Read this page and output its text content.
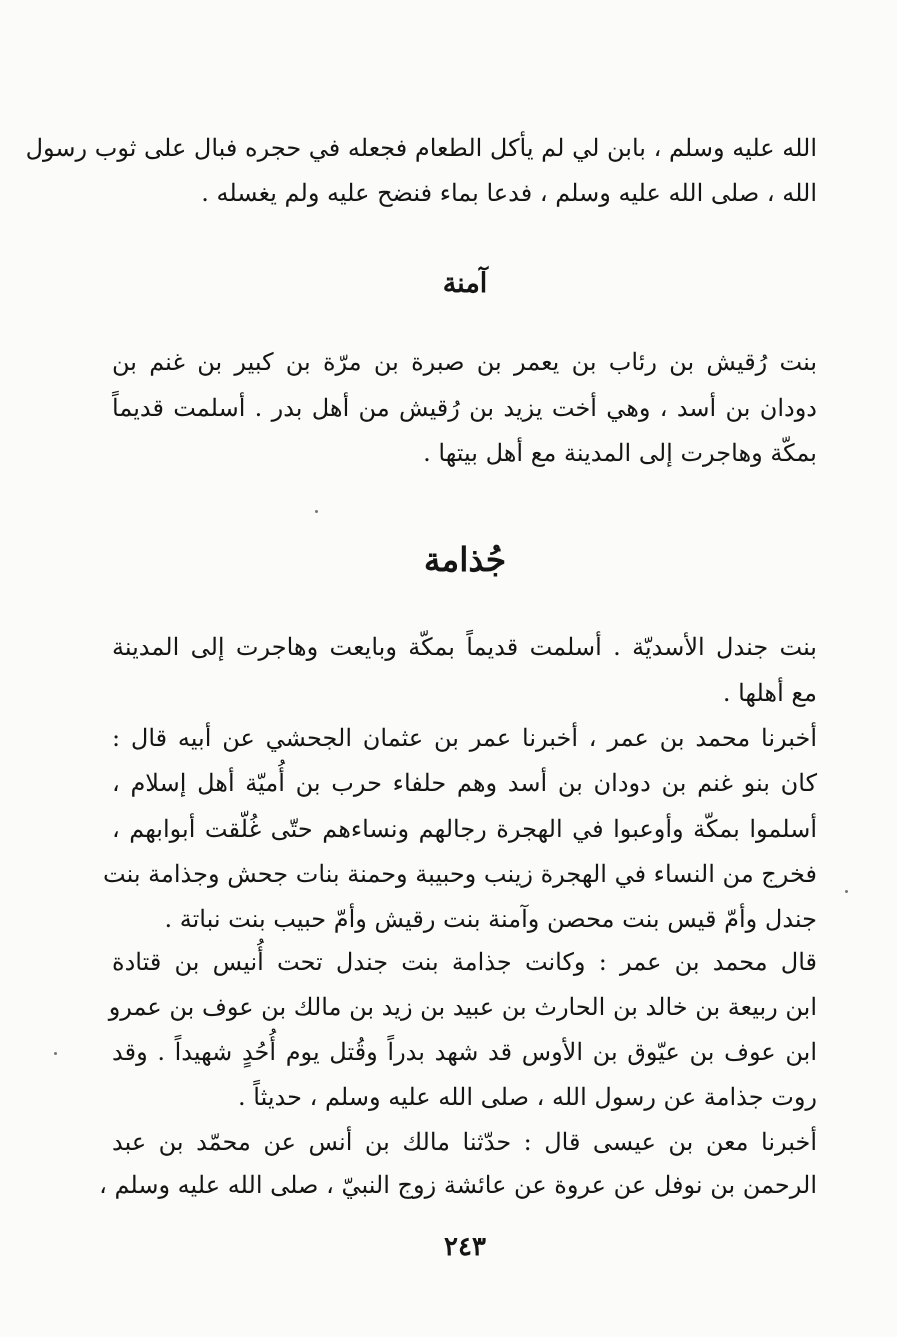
الله عليه وسلم ، بابن لي لم يأكل الطعام فجعله في حجره فبال على ثوب رسول
الله ، صلى الله عليه وسلم ، فدعا بماء فنضح عليه ولم يغسله .
آمنة
بنت رُقيش بن رئاب بن يعمر بن صبرة بن مرّة بن كبير بن غنم بن
دودان بن أسد ، وهي أخت يزيد بن رُقيش من أهل بدر . أسلمت قديماً
بمكّة وهاجرت إلى المدينة مع أهل بيتها .
جُذامة
بنت جندل الأسديّة . أسلمت قديماً بمكّة وبايعت وهاجرت إلى المدينة
مع أهلها .
أخبرنا محمد بن عمر ، أخبرنا عمر بن عثمان الجحشي عن أبيه قال :
كان بنو غنم بن دودان بن أسد وهم حلفاء حرب بن أُميّة أهل إسلام ،
أسلموا بمكّة وأوعبوا في الهجرة رجالهم ونساءهم حتّى غُلّقت أبوابهم ،
فخرج من النساء في الهجرة زينب وحبيبة وحمنة بنات جحش وجذامة بنت
جندل وأمّ قيس بنت محصن وآمنة بنت رقيش وأمّ حبيب بنت نباتة .
قال محمد بن عمر : وكانت جذامة بنت جندل تحت أُنيس بن قتادة
ابن ربيعة بن خالد بن الحارث بن عبيد بن زيد بن مالك بن عوف بن عمرو
ابن عوف بن عيّوق بن الأوس قد شهد بدراً وقُتل يوم أُحُدٍ شهيداً . وقد
روت جذامة عن رسول الله ، صلى الله عليه وسلم ، حديثاً .
أخبرنا معن بن عيسى قال : حدّثنا مالك بن أنس عن محمّد بن عبد
الرحمن بن نوفل عن عروة عن عائشة زوج النبيّ ، صلى الله عليه وسلم ،
٢٤٣
